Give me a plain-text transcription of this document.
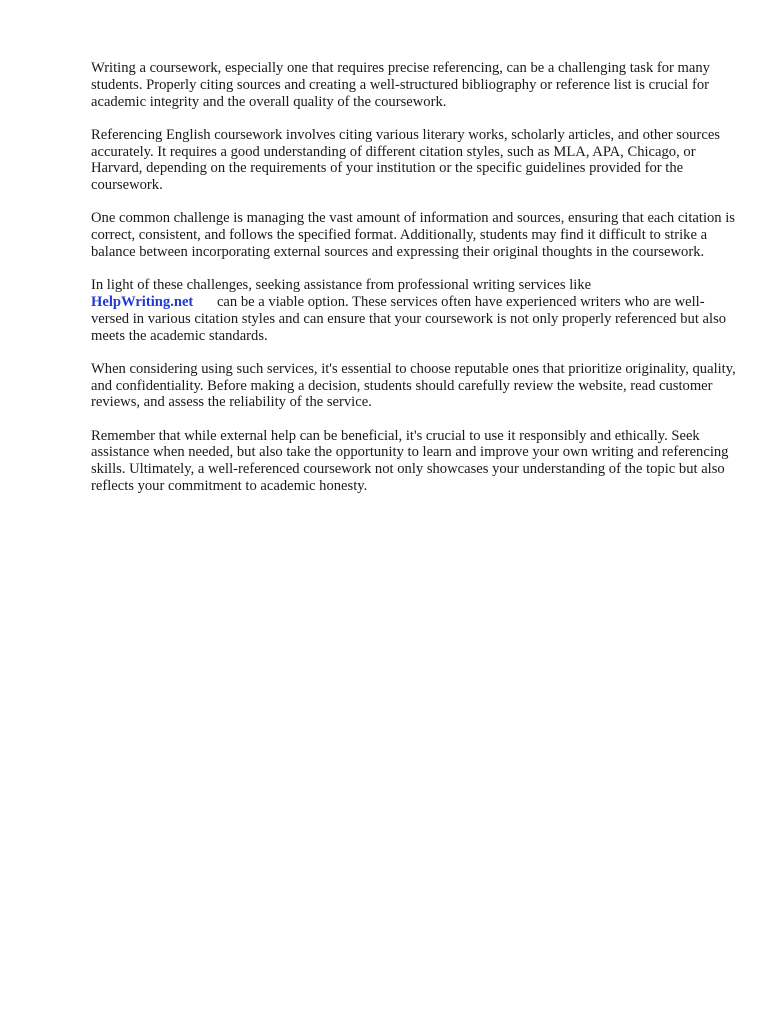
Writing a coursework, especially one that requires precise referencing, can be a challenging task for many students. Properly citing sources and creating a well-structured bibliography or reference list is crucial for academic integrity and the overall quality of the coursework.

Referencing English coursework involves citing various literary works, scholarly articles, and other sources accurately. It requires a good understanding of different citation styles, such as MLA, APA, Chicago, or Harvard, depending on the requirements of your institution or the specific guidelines provided for the coursework.

One common challenge is managing the vast amount of information and sources, ensuring that each citation is correct, consistent, and follows the specified format. Additionally, students may find it difficult to strike a balance between incorporating external sources and expressing their original thoughts in the coursework.

In light of these challenges, seeking assistance from professional writing services like
HelpWriting.net can be a viable option. These services often have experienced writers who are well-versed in various citation styles and can ensure that your coursework is not only properly referenced but also meets the academic standards.

When considering using such services, it's essential to choose reputable ones that prioritize originality, quality, and confidentiality. Before making a decision, students should carefully review the website, read customer reviews, and assess the reliability of the service.

Remember that while external help can be beneficial, it's crucial to use it responsibly and ethically. Seek assistance when needed, but also take the opportunity to learn and improve your own writing and referencing skills. Ultimately, a well-referenced coursework not only showcases your understanding of the topic but also reflects your commitment to academic honesty.
